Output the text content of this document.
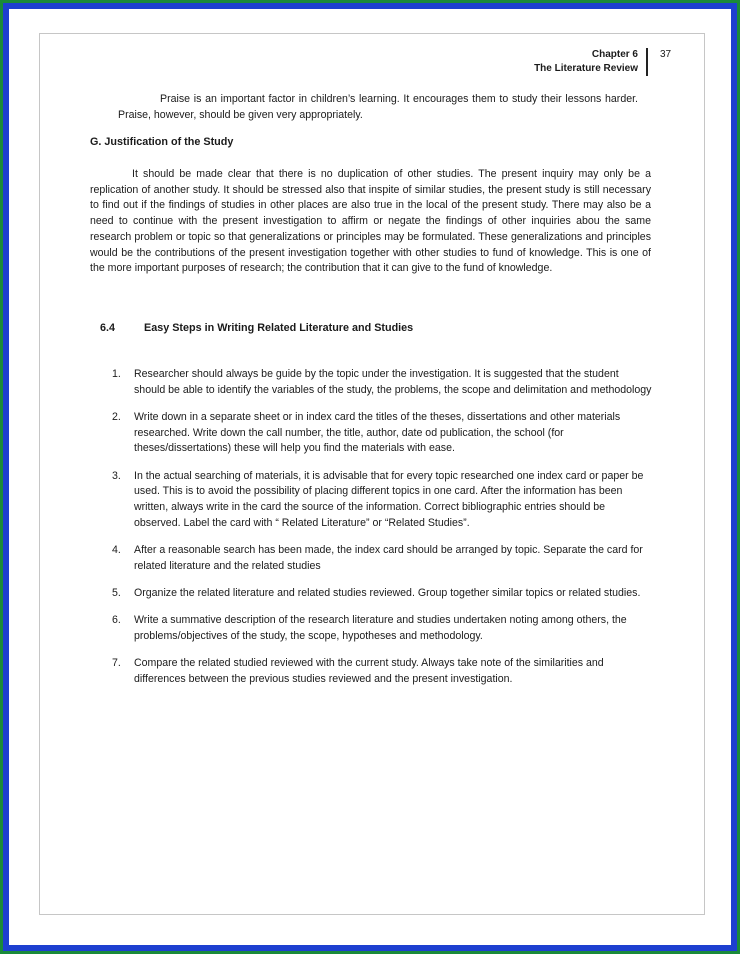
Chapter 6
The Literature Review
37
Praise is an important factor in children’s learning. It encourages them to study their lessons harder. Praise, however, should be given very appropriately.
G. Justification of the Study
It should be made clear that there is no duplication of other studies. The present inquiry may only be a replication of another study. It should be stressed also that inspite of similar studies, the present study is still necessary to find out if the findings of studies in other places are also true in the local of the present study. There may also be a need to continue with the present investigation to affirm or negate the findings of other inquiries abou the same research problem or topic so that generalizations or principles may be formulated. These generalizations and principles would be the contributions of the present investigation together with other studies to fund of knowledge. This is one of the more important purposes of research; the contribution that it can give to the fund of knowledge.
6.4	Easy Steps in Writing Related Literature and Studies
1. Researcher should always be guide by the topic under the investigation. It is suggested that the student should be able to identify the variables of the study, the problems, the scope and delimitation and methodology
2. Write down in a separate sheet or in index card the titles of the theses, dissertations and other materials researched. Write down the call number, the title, author, date od publication, the school (for theses/dissertations) these will help you find the materials with ease.
3. In the actual searching of materials, it is advisable that for every topic researched one index card or paper be used. This is to avoid the possibility of placing different topics in one card. After the information has been written, always write in the card the source of the information. Correct bibliographic entries should be observed. Label the card with “ Related Literature” or “Related Studies”.
4. After a reasonable search has been made, the index card should be arranged by topic. Separate the card for related literature and the related studies
5. Organize the related literature and related studies reviewed. Group together similar topics or related studies.
6. Write a summative description of the research literature and studies undertaken noting among others, the problems/objectives of the study, the scope, hypotheses and methodology.
7. Compare the related studied reviewed with the current study. Always take note of the similarities and differences between the previous studies reviewed and the present investigation.
